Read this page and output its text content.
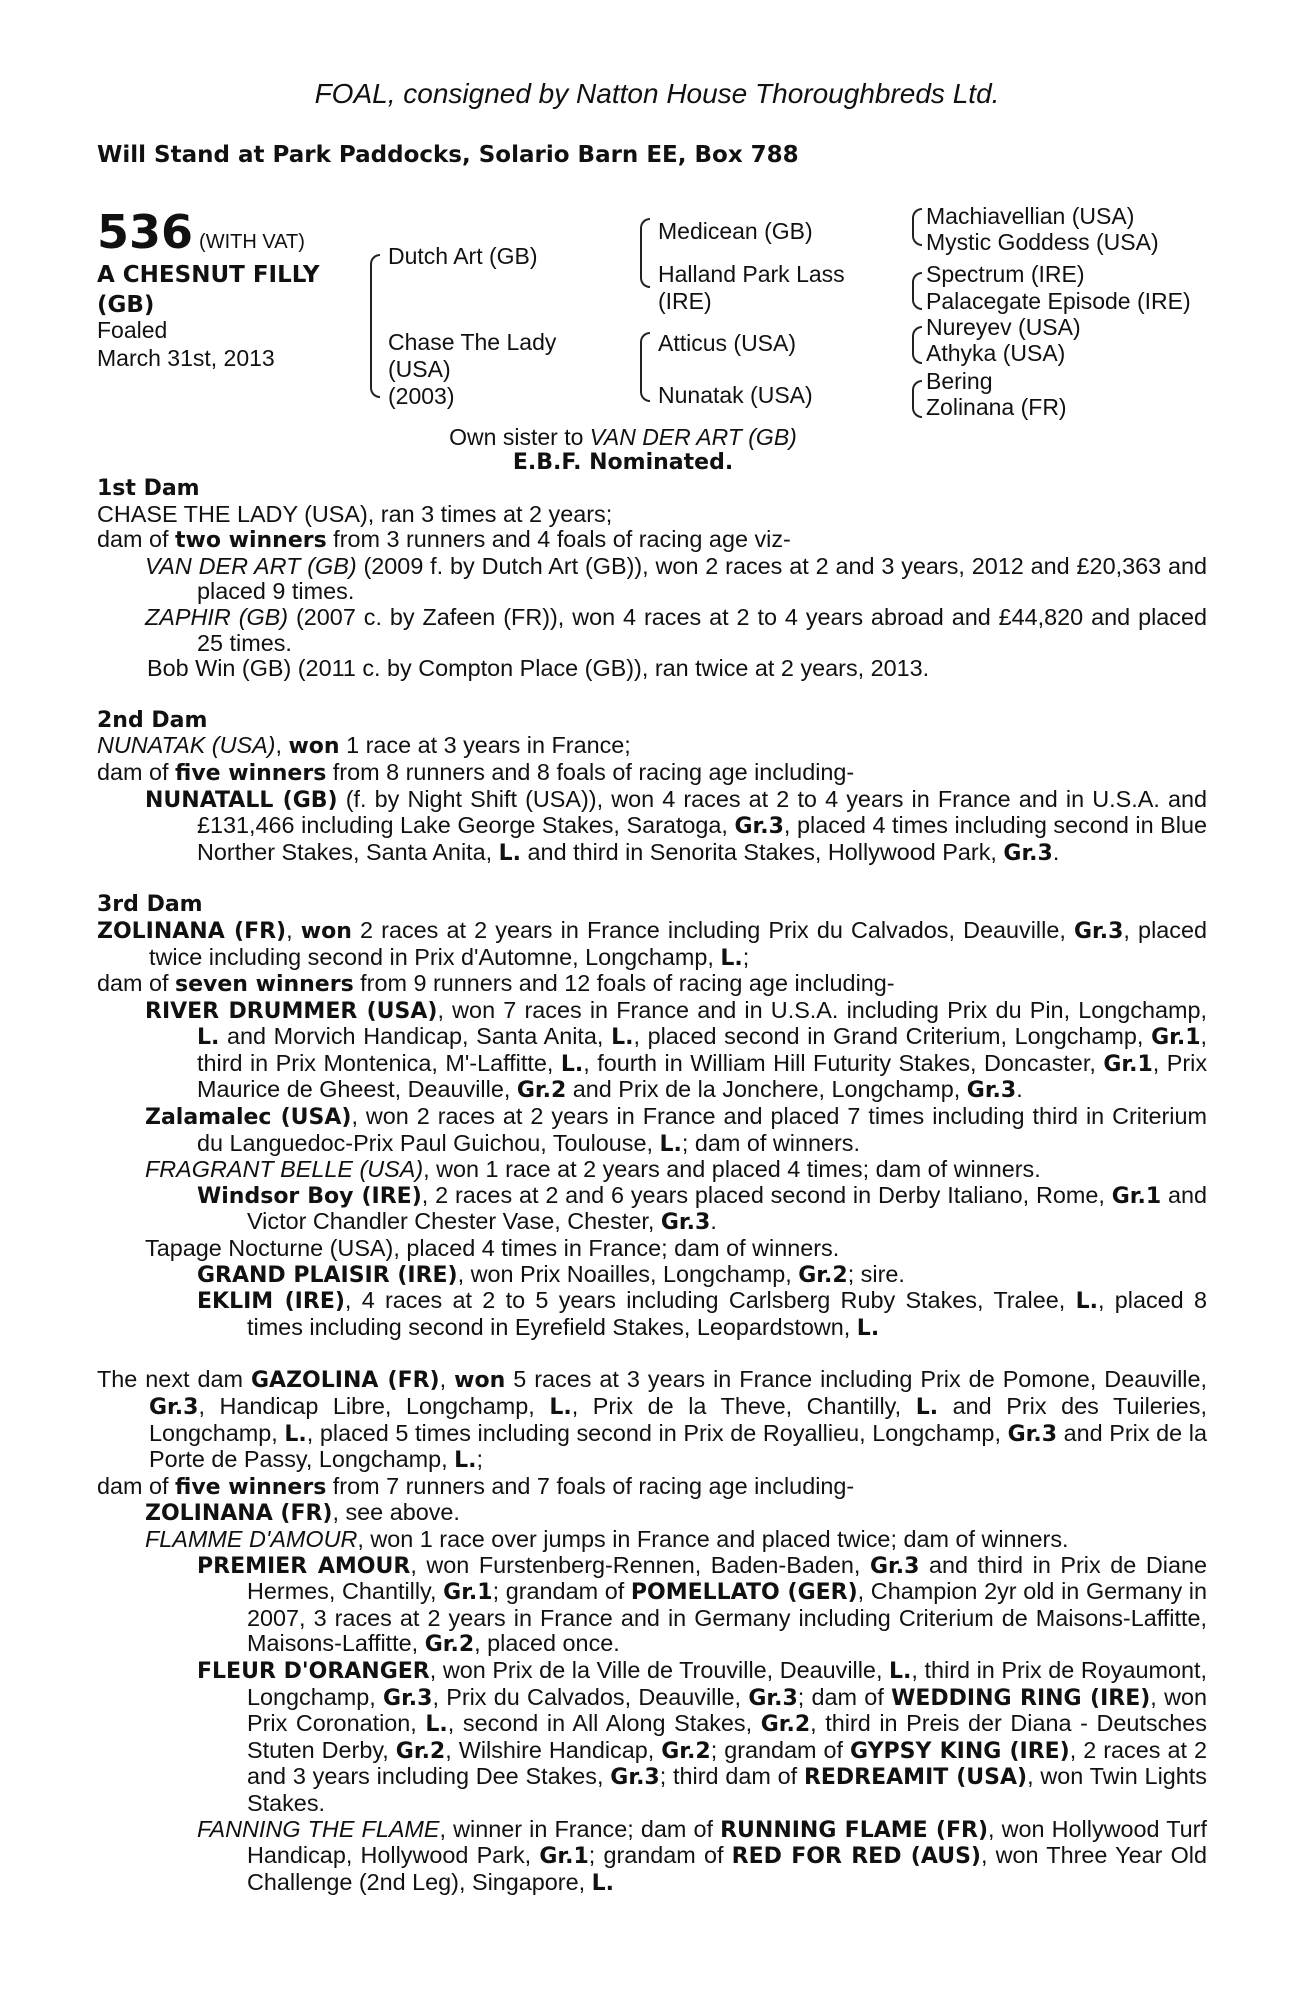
FOAL, consigned by Natton House Thoroughbreds Ltd.
Will Stand at Park Paddocks, Solario Barn EE, Box 788
536 (WITH VAT)
A CHESNUT FILLY
(GB)
Foaled
March 31st, 2013
Dutch Art (GB)
Chase The Lady
(USA)
(2003)
Medicean (GB)
Halland Park Lass
(IRE)
Atticus (USA)
Nunatak (USA)
Machiavellian (USA)
Mystic Goddess (USA)
Spectrum (IRE)
Palacegate Episode (IRE)
Nureyev (USA)
Athyka (USA)
Bering
Zolinana (FR)
Own sister to VAN DER ART (GB)
E.B.F. Nominated.

1st Dam

CHASE THE LADY (USA), ran 3 times at 2 years;

dam of two winners from 3 runners and 4 foals of racing age viz-

VAN DER ART (GB) (2009 f. by Dutch Art (GB)), won 2 races at 2 and 3 years, 2012 and £20,363 and placed 9 times.

ZAPHIR (GB) (2007 c. by Zafeen (FR)), won 4 races at 2 to 4 years abroad and £44,820 and placed 25 times.

Bob Win (GB) (2011 c. by Compton Place (GB)), ran twice at 2 years, 2013.

2nd Dam

NUNATAK (USA), won 1 race at 3 years in France;

dam of five winners from 8 runners and 8 foals of racing age including-

NUNATALL (GB) (f. by Night Shift (USA)), won 4 races at 2 to 4 years in France and in U.S.A. and £131,466 including Lake George Stakes, Saratoga, Gr.3, placed 4 times including second in Blue Norther Stakes, Santa Anita, L. and third in Senorita Stakes, Hollywood Park, Gr.3.

3rd Dam

ZOLINANA (FR), won 2 races at 2 years in France including Prix du Calvados, Deauville, Gr.3, placed twice including second in Prix d'Automne, Longchamp, L.;

dam of seven winners from 9 runners and 12 foals of racing age including-

RIVER DRUMMER (USA), won 7 races in France and in U.S.A. including Prix du Pin, Longchamp, L. and Morvich Handicap, Santa Anita, L., placed second in Grand Criterium, Longchamp, Gr.1, third in Prix Montenica, M'-Laffitte, L., fourth in William Hill Futurity Stakes, Doncaster, Gr.1, Prix Maurice de Gheest, Deauville, Gr.2 and Prix de la Jonchere, Longchamp, Gr.3.

Zalamalec (USA), won 2 races at 2 years in France and placed 7 times including third in Criterium du Languedoc-Prix Paul Guichou, Toulouse, L.; dam of winners.

FRAGRANT BELLE (USA), won 1 race at 2 years and placed 4 times; dam of winners.

Windsor Boy (IRE), 2 races at 2 and 6 years placed second in Derby Italiano, Rome, Gr.1 and Victor Chandler Chester Vase, Chester, Gr.3.

Tapage Nocturne (USA), placed 4 times in France; dam of winners.

GRAND PLAISIR (IRE), won Prix Noailles, Longchamp, Gr.2; sire.

EKLIM (IRE), 4 races at 2 to 5 years including Carlsberg Ruby Stakes, Tralee, L., placed 8 times including second in Eyrefield Stakes, Leopardstown, L.

The next dam GAZOLINA (FR), won 5 races at 3 years in France including Prix de Pomone, Deauville, Gr.3, Handicap Libre, Longchamp, L., Prix de la Theve, Chantilly, L. and Prix des Tuileries, Longchamp, L., placed 5 times including second in Prix de Royallieu, Longchamp, Gr.3 and Prix de la Porte de Passy, Longchamp, L.;

dam of five winners from 7 runners and 7 foals of racing age including-

ZOLINANA (FR), see above.

FLAMME D'AMOUR, won 1 race over jumps in France and placed twice; dam of winners.

PREMIER AMOUR, won Furstenberg-Rennen, Baden-Baden, Gr.3 and third in Prix de Diane Hermes, Chantilly, Gr.1; grandam of POMELLATO (GER), Champion 2yr old in Germany in 2007, 3 races at 2 years in France and in Germany including Criterium de Maisons-Laffitte, Maisons-Laffitte, Gr.2, placed once.

FLEUR D'ORANGER, won Prix de la Ville de Trouville, Deauville, L., third in Prix de Royaumont, Longchamp, Gr.3, Prix du Calvados, Deauville, Gr.3; dam of WEDDING RING (IRE), won Prix Coronation, L., second in All Along Stakes, Gr.2, third in Preis der Diana - Deutsches Stuten Derby, Gr.2, Wilshire Handicap, Gr.2; grandam of GYPSY KING (IRE), 2 races at 2 and 3 years including Dee Stakes, Gr.3; third dam of REDREAMIT (USA), won Twin Lights Stakes.

FANNING THE FLAME, winner in France; dam of RUNNING FLAME (FR), won Hollywood Turf Handicap, Hollywood Park, Gr.1; grandam of RED FOR RED (AUS), won Three Year Old Challenge (2nd Leg), Singapore, L.
